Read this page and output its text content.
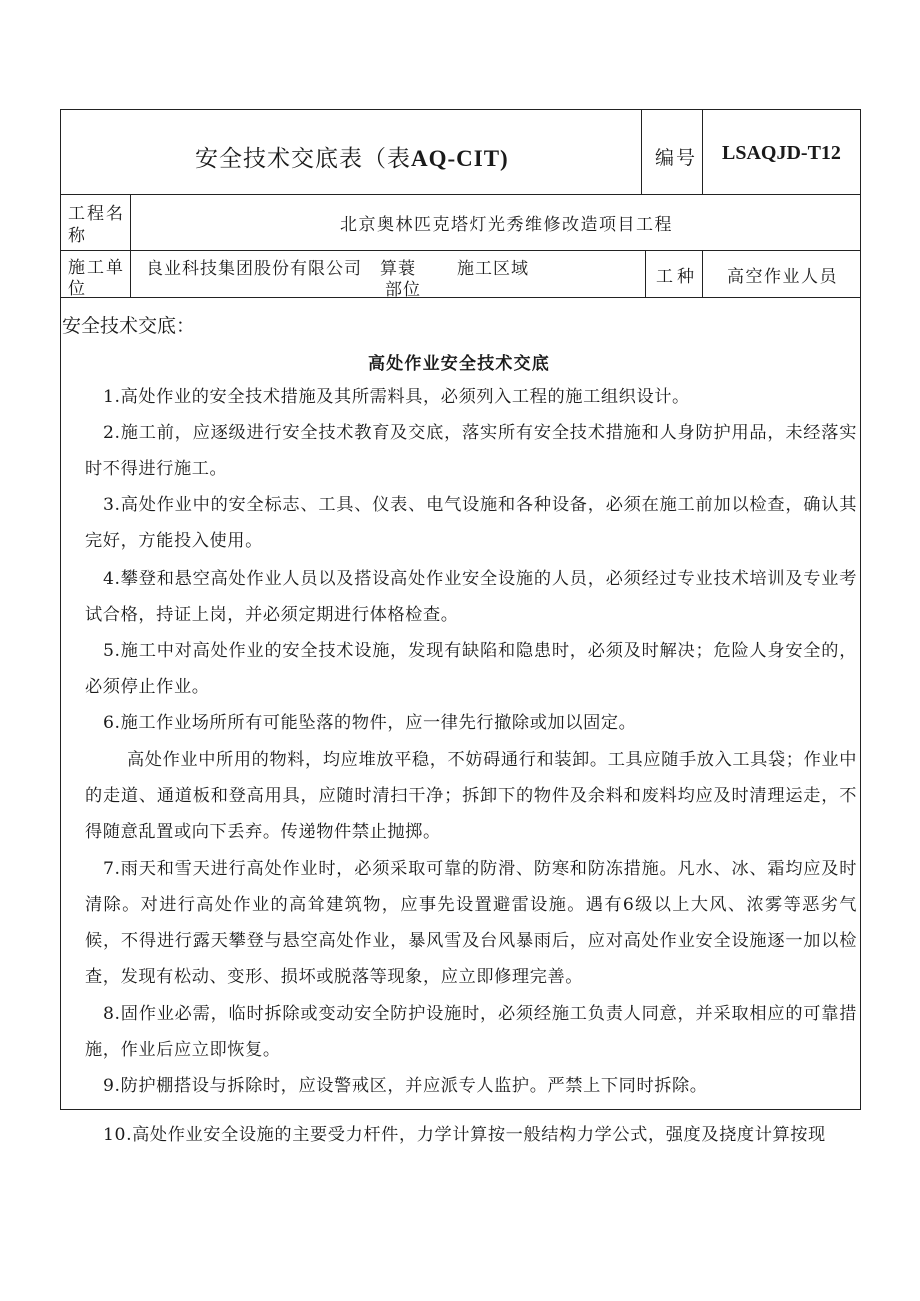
安全技术交底表（表AQ-CIT)	编号 LSAQJD-T12
工程名
称
北京奥林匹克塔灯光秀维修改造项目工程
施工单
位
良业科技集团股份有限公司 算蓑 施工区域
部位
工种 高空作业人员
安全技术交底：
高处作业安全技术交底
1.高处作业的安全技术措施及其所需料具，必须列入工程的施工组织设计。
2.施工前，应逐级进行安全技术教育及交底，落实所有安全技术措施和人身防护用品，未经落实时不得进行施工。
3.高处作业中的安全标志、工具、仪表、电气设施和各种设备，必须在施工前加以检查，确认其完好，方能投入使用。
4.攀登和悬空高处作业人员以及搭设高处作业安全设施的人员，必须经过专业技术培训及专业考试合格，持证上岗，并必须定期进行体格检查。
5.施工中对高处作业的安全技术设施，发现有缺陷和隐患时，必须及时解决；危险人身安全的，必须停止作业。
6.施工作业场所所有可能坠落的物件，应一律先行撤除或加以固定。
高处作业中所用的物料，均应堆放平稳，不妨碍通行和装卸。工具应随手放入工具袋；作业中的走道、通道板和登高用具，应随时清扫干净；拆卸下的物件及余料和废料均应及时清理运走，不得随意乱置或向下丢弃。传递物件禁止抛掷。
7.雨天和雪天进行高处作业时，必须采取可靠的防滑、防寒和防冻措施。凡水、冰、霜均应及时清除。对进行高处作业的高耸建筑物，应事先设置避雷设施。遇有6级以上大风、浓雾等恶劣气候，不得进行露天攀登与悬空高处作业，暴风雪及台风暴雨后，应对高处作业安全设施逐一加以检查，发现有松动、变形、损坏或脱落等现象，应立即修理完善。
8.固作业必需，临时拆除或变动安全防护设施时，必须经施工负责人同意，并采取相应的可靠措施，作业后应立即恢复。
9.防护棚搭设与拆除时，应设警戒区，并应派专人监护。严禁上下同时拆除。
10.高处作业安全设施的主要受力杆件，力学计算按一般结构力学公式，强度及挠度计算按现
